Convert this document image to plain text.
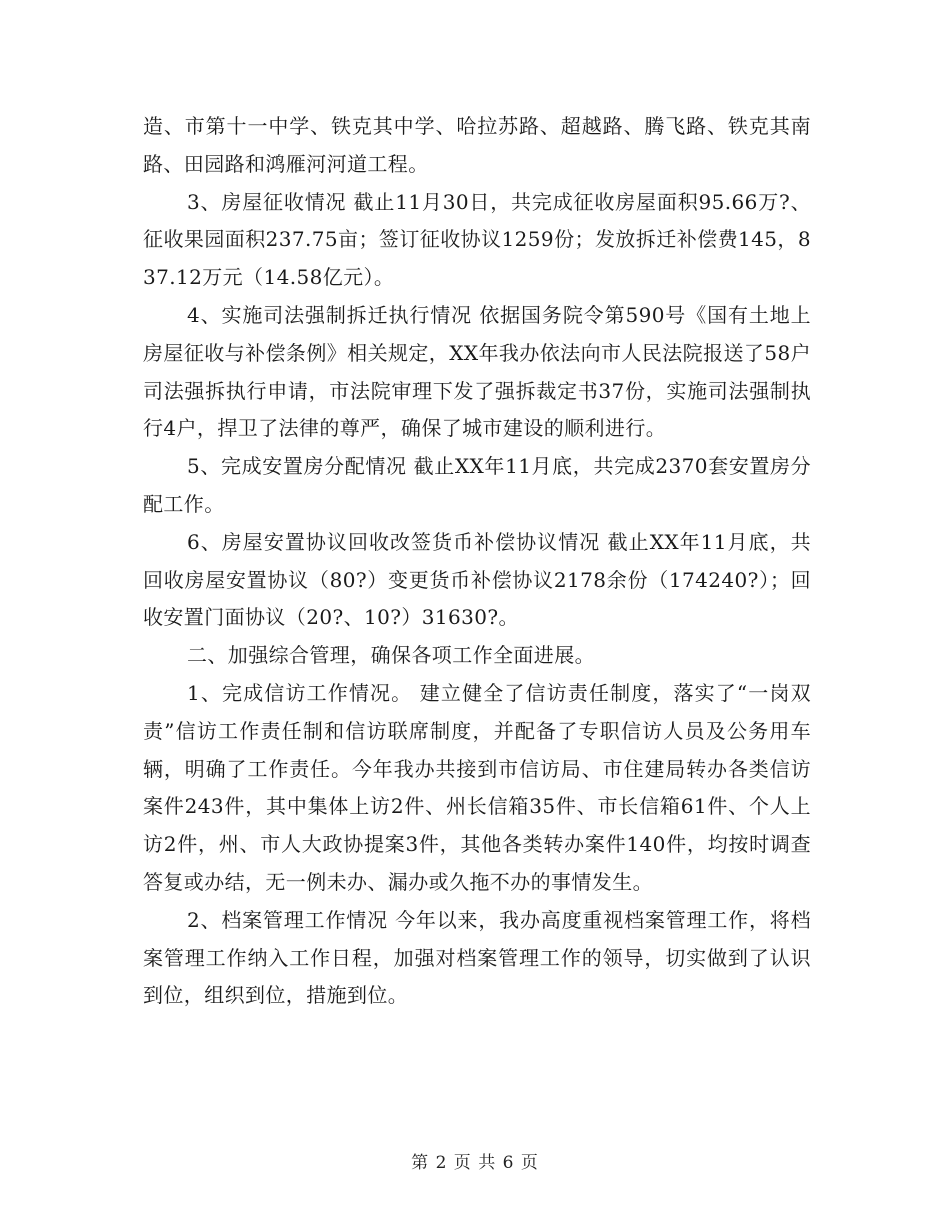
造、市第十一中学、铁克其中学、哈拉苏路、超越路、腾飞路、铁克其南路、田园路和鸿雁河河道工程。

3、房屋征收情况 截止11月30日，共完成征收房屋面积95.66万?、征收果园面积237.75亩；签订征收协议1259份；发放拆迁补偿费145，837.12万元（14.58亿元）。

4、实施司法强制拆迁执行情况 依据国务院令第590号《国有土地上房屋征收与补偿条例》相关规定，XX年我办依法向市人民法院报送了58户司法强拆执行申请，市法院审理下发了强拆裁定书37份，实施司法强制执行4户，捍卫了法律的尊严，确保了城市建设的顺利进行。

5、完成安置房分配情况 截止XX年11月底，共完成2370套安置房分配工作。

6、房屋安置协议回收改签货币补偿协议情况 截止XX年11月底，共回收房屋安置协议（80?）变更货币补偿协议2178余份（174240?）；回收安置门面协议（20?、10?）31630?。

二、加强综合管理，确保各项工作全面进展。

1、完成信访工作情况。 建立健全了信访责任制度，落实了“一岗双责”信访工作责任制和信访联席制度，并配备了专职信访人员及公务用车辆，明确了工作责任。今年我办共接到市信访局、市住建局转办各类信访案件243件，其中集体上访2件、州长信箱35件、市长信箱61件、个人上访2件，州、市人大政协提案3件，其他各类转办案件140件，均按时调查答复或办结，无一例未办、漏办或久拖不办的事情发生。

2、档案管理工作情况 今年以来，我办高度重视档案管理工作，将档案管理工作纳入工作日程，加强对档案管理工作的领导，切实做到了认识到位，组织到位，措施到位。

第 2 页 共 6 页
